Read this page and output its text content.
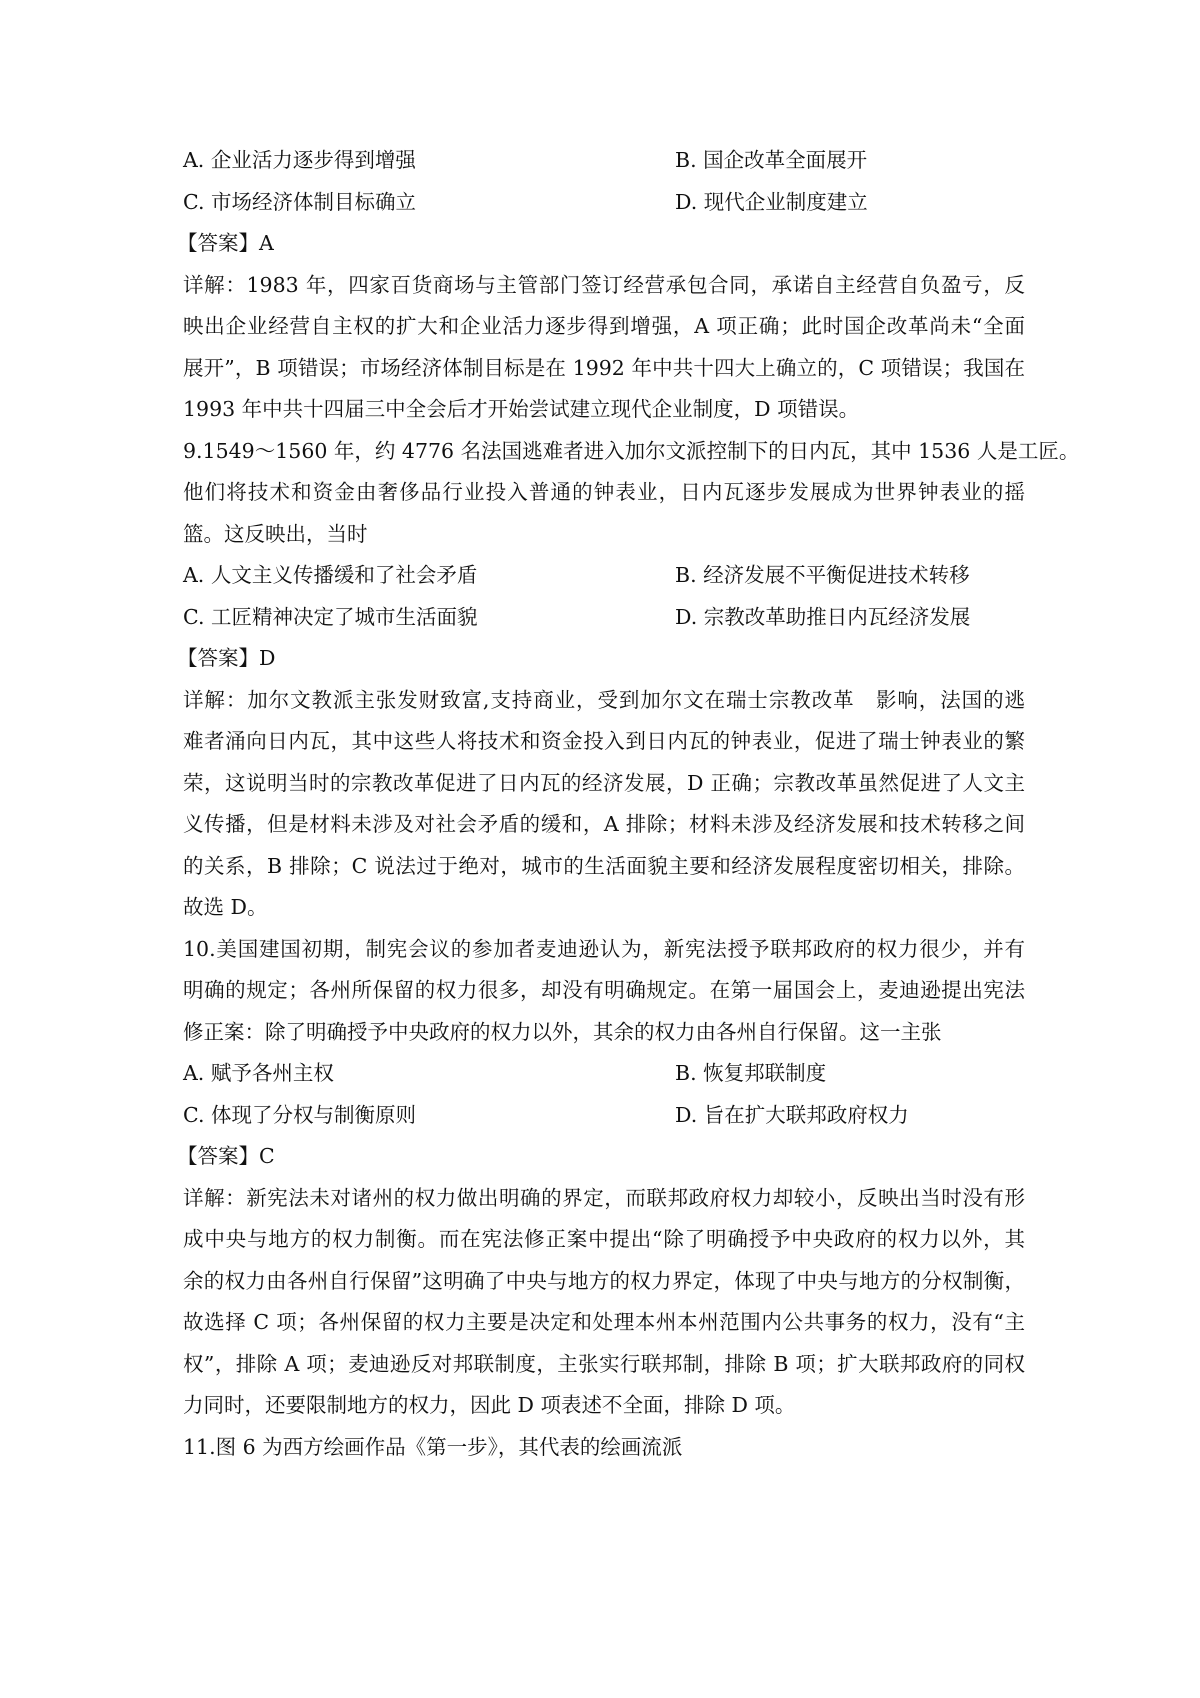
A. 企业活力逐步得到增强	B. 国企改革全面展开
C. 市场经济体制目标确立	D. 现代企业制度建立
【答案】A
详解：1983 年，四家百货商场与主管部门签订经营承包合同，承诺自主经营自负盈亏，反
映出企业经营自主权的扩大和企业活力逐步得到增强，A 项正确；此时国企改革尚未“全面
展开”，B 项错误；市场经济体制目标是在 1992 年中共十四大上确立的，C 项错误；我国在
1993 年中共十四届三中全会后才开始尝试建立现代企业制度，D 项错误。
9.1549～1560 年，约 4776 名法国逃难者进入加尔文派控制下的日内瓦，其中 1536 人是工匠。
他们将技术和资金由奢侈品行业投入普通的钟表业，日内瓦逐步发展成为世界钟表业的摇
篮。这反映出，当时
A. 人文主义传播缓和了社会矛盾	B. 经济发展不平衡促进技术转移
C. 工匠精神决定了城市生活面貌	D. 宗教改革助推日内瓦经济发展
【答案】D
详解：加尔文教派主张发财致富,支持商业，受到加尔文在瑞士宗教改革　影响，法国的逃
难者涌向日内瓦，其中这些人将技术和资金投入到日内瓦的钟表业，促进了瑞士钟表业的繁
荣，这说明当时的宗教改革促进了日内瓦的经济发展，D 正确；宗教改革虽然促进了人文主
义传播，但是材料未涉及对社会矛盾的缓和，A 排除；材料未涉及经济发展和技术转移之间
的关系，B 排除；C 说法过于绝对，城市的生活面貌主要和经济发展程度密切相关，排除。
故选 D。
10.美国建国初期，制宪会议的参加者麦迪逊认为，新宪法授予联邦政府的权力很少，并有
明确的规定；各州所保留的权力很多，却没有明确规定。在第一届国会上，麦迪逊提出宪法
修正案：除了明确授予中央政府的权力以外，其余的权力由各州自行保留。这一主张
A. 赋予各州主权	B. 恢复邦联制度
C. 体现了分权与制衡原则	D. 旨在扩大联邦政府权力
【答案】C
详解：新宪法未对诸州的权力做出明确的界定，而联邦政府权力却较小，反映出当时没有形
成中央与地方的权力制衡。而在宪法修正案中提出“除了明确授予中央政府的权力以外，其
余的权力由各州自行保留”这明确了中央与地方的权力界定，体现了中央与地方的分权制衡，
故选择 C 项；各州保留的权力主要是决定和处理本州本州范围内公共事务的权力，没有“主
权”，排除 A 项；麦迪逊反对邦联制度，主张实行联邦制，排除 B 项；扩大联邦政府的同权
力同时，还要限制地方的权力，因此 D 项表述不全面，排除 D 项。
11.图 6 为西方绘画作品《第一步》，其代表的绘画流派
